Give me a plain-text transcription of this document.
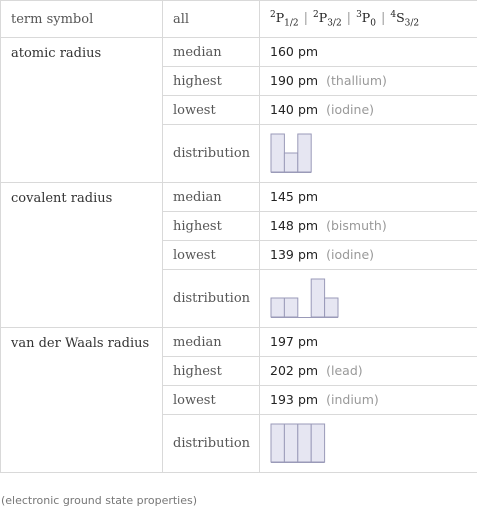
term symbol	all	$^2P_{1/2}$ | $^2P_{3/2}$ | $^3P_0$ | $^4S_{3/2}$
atomic radius	median	160 pm
	highest	190 pm (thallium)
	lowest	140 pm (iodine)
	distribution	

covalent radius	median	145 pm
	highest	148 pm (bismuth)
	lowest	139 pm (iodine)
	distribution	

van der Waals radius	median	197 pm
	highest	202 pm (lead)
	lowest	193 pm (indium)
	distribution	
(electronic ground state properties)
